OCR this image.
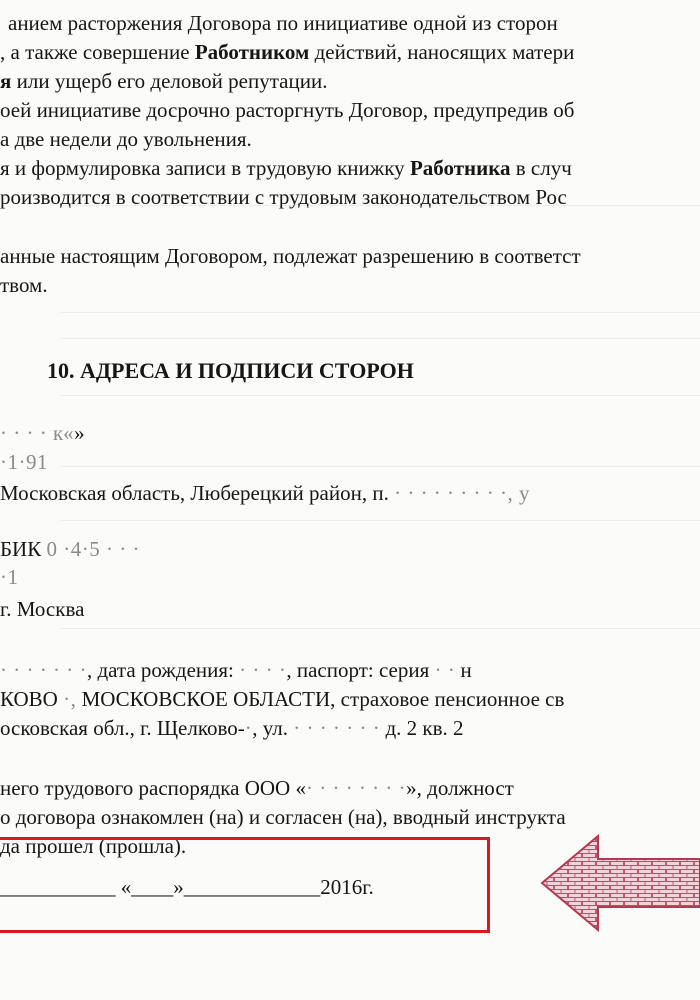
анием расторжения Договора по инициативе одной из сторон
, а также совершение Работником действий, наносящих матери
я или ущерб его деловой репутации.
оей инициативе досрочно расторгнуть Договор, предупредив об
а две недели до увольнения.
я и формулировка записи в трудовую книжку Работника в случ
роизводится в соответствии с трудовым законодательством Рос
анные настоящим Договором, подлежат разрешению в соответст
твом.
10. АДРЕСА И ПОДПИСИ СТОРОН
· · · · к«»
·1·91
Московская область, Люберецкий район, п. · · · · · · · · ·, у
БИК 0 ·4·5 · · ·
·1
г. Москва
· · · · · · ·, дата рождения: · · · ·, паспорт: серия · · н
КОВО ·, МОСКОВСКОЕ ОБЛАСТИ, страховое пенсионное св
осковская обл., г. Щелково-·, ул. · · · · · · · д. 2 кв. 2
него трудового распорядка ООО «· · · · · · · ·», должност
о договора ознакомлен (на) и согласен (на), вводный инструкта
да прошел (прошла).
___________ «____»_____________2016г.
